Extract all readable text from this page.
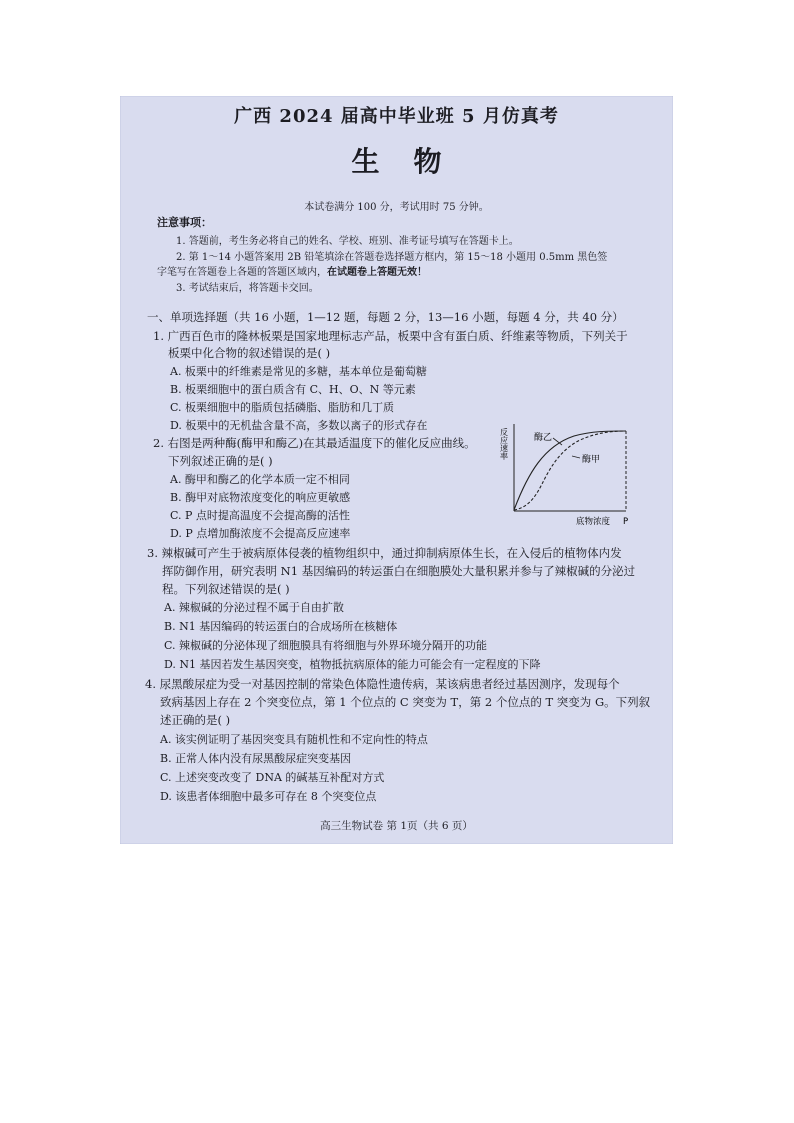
广西 2024 届高中毕业班 5 月仿真考
生物
本试卷满分 100 分，考试用时 75 分钟。
注意事项：
1. 答题前，考生务必将自己的姓名、学校、班别、准考证号填写在答题卡上。
2. 第 1～14 小题答案用 2B 铅笔填涂在答题卷选择题方框内，第 15～18 小题用 0.5mm 黑色签
字笔写在答题卷上各题的答题区域内，在试题卷上答题无效！
3. 考试结束后，将答题卡交回。
一、单项选择题（共 16 小题，1—12 题，每题 2 分，13—16 小题，每题 4 分，共 40 分）
1. 广西百色市的隆林板栗是国家地理标志产品，板栗中含有蛋白质、纤维素等物质，下列关于
板栗中化合物的叙述错误的是( )
A. 板栗中的纤维素是常见的多糖，基本单位是葡萄糖
B. 板栗细胞中的蛋白质含有 C、H、O、N 等元素
C. 板栗细胞中的脂质包括磷脂、脂肪和几丁质
D. 板栗中的无机盐含量不高，多数以离子的形式存在
2. 右图是两种酶(酶甲和酶乙)在其最适温度下的催化反应曲线。
下列叙述正确的是( )
A. 酶甲和酶乙的化学本质一定不相同
B. 酶甲对底物浓度变化的响应更敏感
C. P 点时提高温度不会提高酶的活性
D. P 点增加酶浓度不会提高反应速率
反应速率	酶乙
酶甲
底物浓度 P
3. 辣椒碱可产生于被病原体侵袭的植物组织中，通过抑制病原体生长，在入侵后的植物体内发
挥防御作用，研究表明 N1 基因编码的转运蛋白在细胞膜处大量积累并参与了辣椒碱的分泌过
程。下列叙述错误的是( )
A. 辣椒碱的分泌过程不属于自由扩散
B. N1 基因编码的转运蛋白的合成场所在核糖体
C. 辣椒碱的分泌体现了细胞膜具有将细胞与外界环境分隔开的功能
D. N1 基因若发生基因突变，植物抵抗病原体的能力可能会有一定程度的下降
4. 尿黑酸尿症为受一对基因控制的常染色体隐性遗传病，某该病患者经过基因测序，发现每个
致病基因上存在 2 个突变位点，第 1 个位点的 C 突变为 T，第 2 个位点的 T 突变为 G。下列叙
述正确的是( )
A. 该实例证明了基因突变具有随机性和不定向性的特点
B. 正常人体内没有尿黑酸尿症突变基因
C. 上述突变改变了 DNA 的碱基互补配对方式
D. 该患者体细胞中最多可存在 8 个突变位点
高三生物试卷 第 1页（共 6 页）
